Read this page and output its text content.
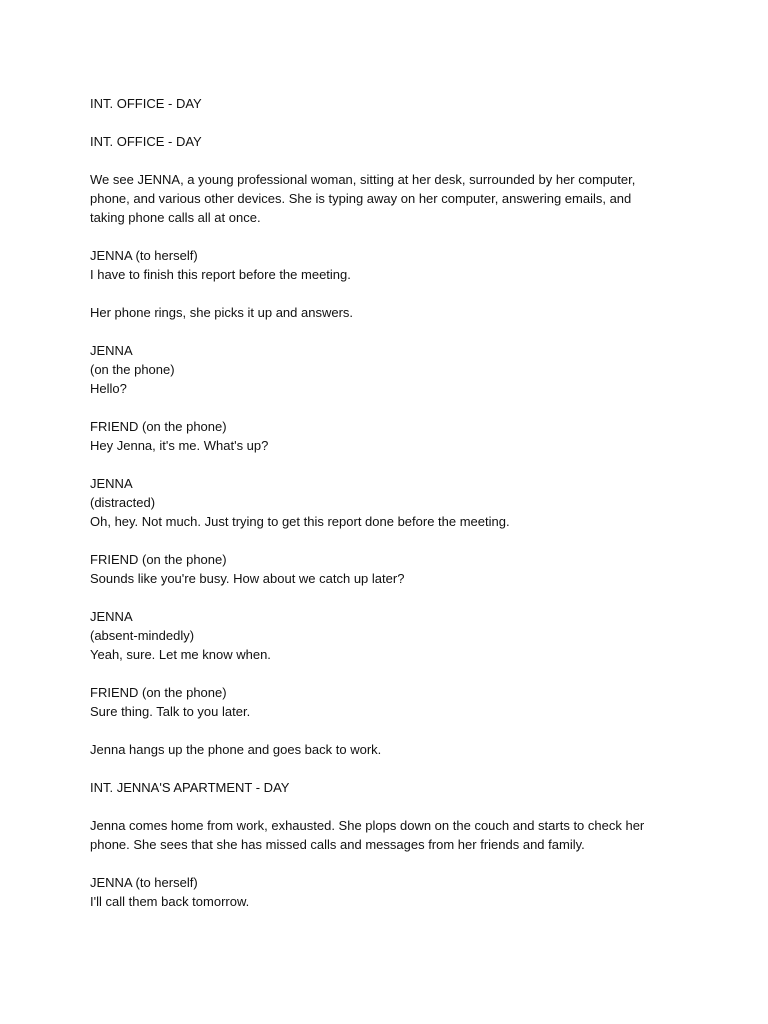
INT. OFFICE - DAY

INT. OFFICE - DAY

We see JENNA, a young professional woman, sitting at her desk, surrounded by her computer,
phone, and various other devices. She is typing away on her computer, answering emails, and
taking phone calls all at once.

JENNA (to herself)
I have to finish this report before the meeting.

Her phone rings, she picks it up and answers.

JENNA
(on the phone)
Hello?

FRIEND (on the phone)
Hey Jenna, it's me. What's up?

JENNA
(distracted)
Oh, hey. Not much. Just trying to get this report done before the meeting.

FRIEND (on the phone)
Sounds like you're busy. How about we catch up later?

JENNA
(absent-mindedly)
Yeah, sure. Let me know when.

FRIEND (on the phone)
Sure thing. Talk to you later.

Jenna hangs up the phone and goes back to work.

INT. JENNA'S APARTMENT - DAY

Jenna comes home from work, exhausted. She plops down on the couch and starts to check her
phone. She sees that she has missed calls and messages from her friends and family.

JENNA (to herself)
I'll call them back tomorrow.
